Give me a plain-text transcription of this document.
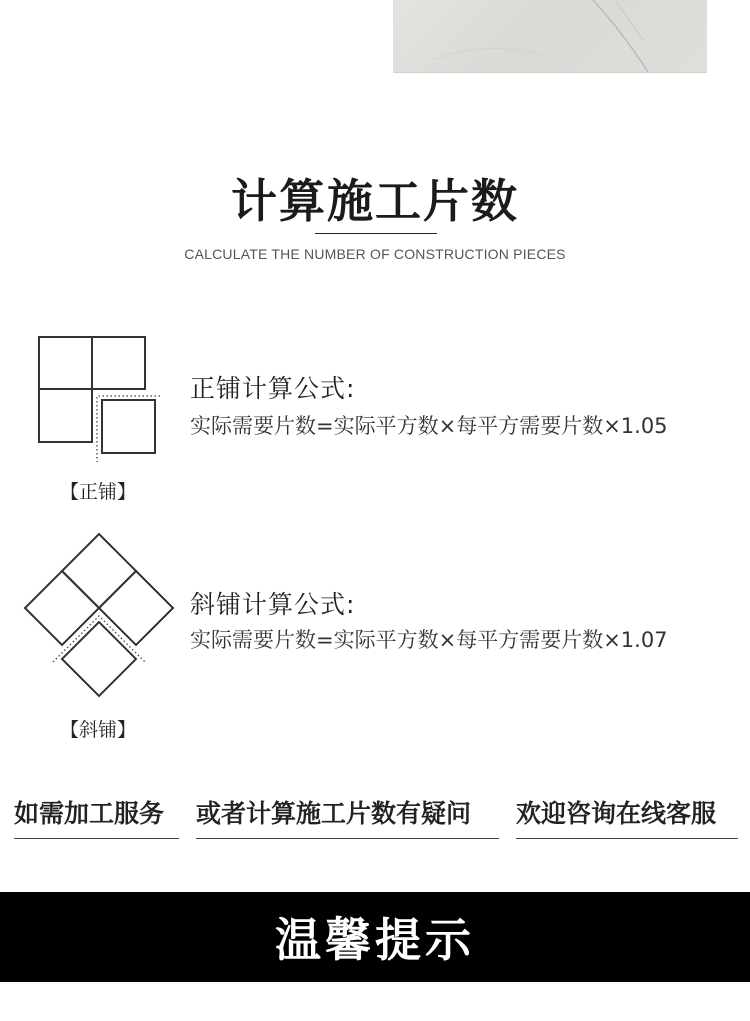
计算施工片数
CALCULATE THE NUMBER OF CONSTRUCTION PIECES
【正铺】
正铺计算公式:
实际需要片数=实际平方数×每平方需要片数×1.05
【斜铺】
斜铺计算公式:
实际需要片数=实际平方数×每平方需要片数×1.07
如需加工服务	或者计算施工片数有疑问	欢迎咨询在线客服
温馨提示
